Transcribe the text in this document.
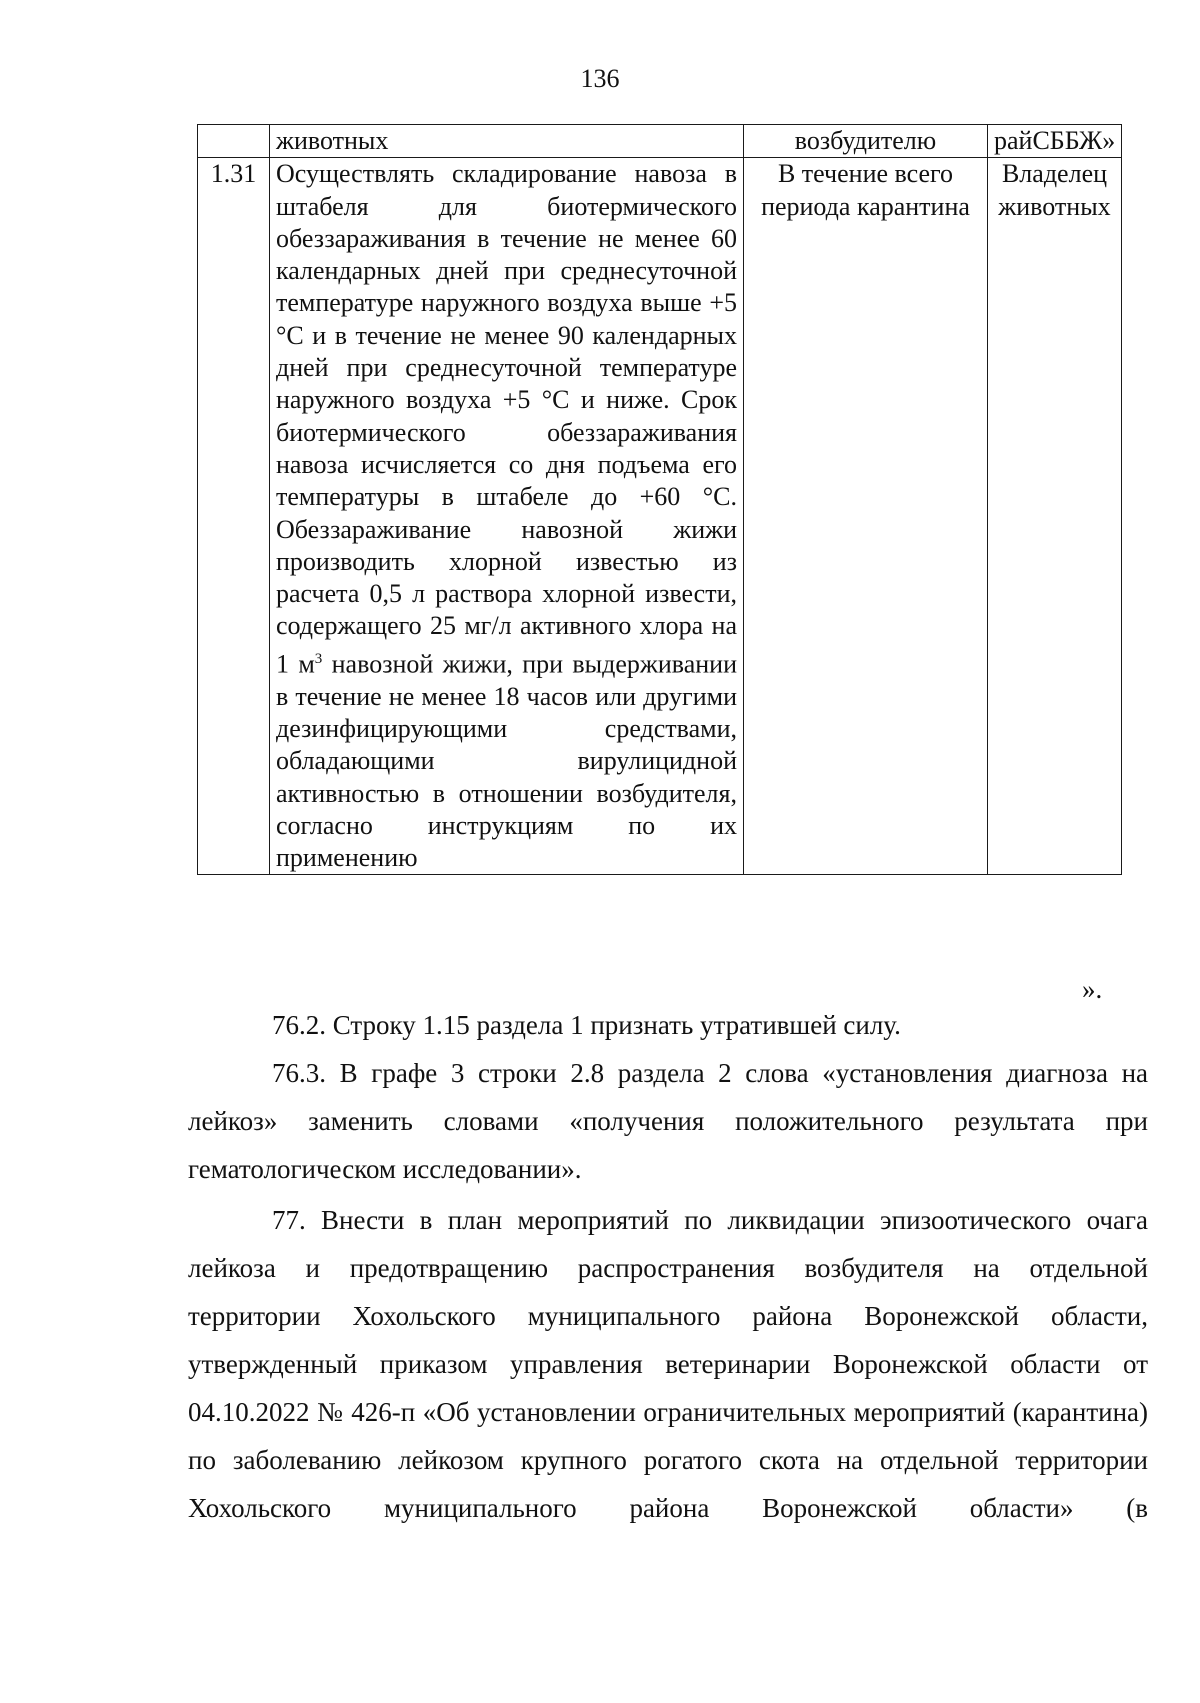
136
	животных	возбудителю	райСББЖ»
1.31	Осуществлять складирование навоза в штабеля для биотермического обеззараживания в течение не менее 60 календарных дней при среднесуточной температуре наружного воздуха выше +5 °С и в течение не менее 90 календарных дней при среднесуточной температуре наружного воздуха +5 °С и ниже. Срок биотермического обеззараживания навоза исчисляется со дня подъема его температуры в штабеле до +60 °С. Обеззараживание навозной жижи производить хлорной известью из расчета 0,5 л раствора хлорной извести, содержащего 25 мг/л активного хлора на 1 $м^3$ навозной жижи, при выдерживании в течение не менее 18 часов или другими дезинфицирующими средствами, обладающими вирулицидной активностью в отношении возбудителя, согласно инструкциям по их применению	В течение всего периода карантина	Владелец животных
».

76.2. Строку 1.15 раздела 1 признать утратившей силу.

76.3. В графе 3 строки 2.8 раздела 2 слова «установления диагноза на лейкоз» заменить словами «получения положительного результата при гематологическом исследовании».

77. Внести в план мероприятий по ликвидации эпизоотического очага лейкоза и предотвращению распространения возбудителя на отдельной территории Хохольского муниципального района Воронежской области, утвержденный приказом управления ветеринарии Воронежской области от 04.10.2022 № 426-п «Об установлении ограничительных мероприятий (карантина) по заболеванию лейкозом крупного рогатого скота на отдельной территории Хохольского муниципального района Воронежской области» (в
